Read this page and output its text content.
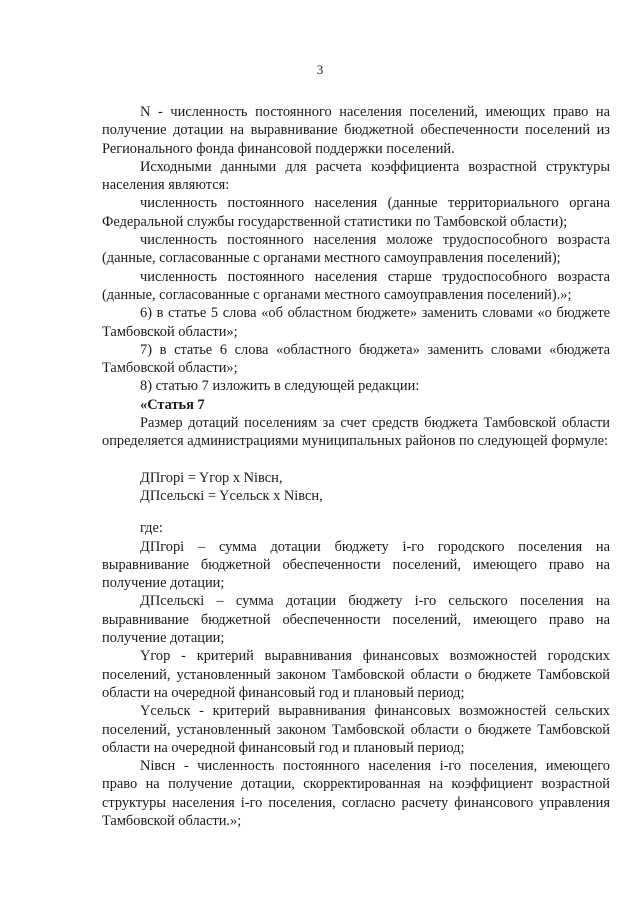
3

N - численность постоянного населения поселений, имеющих право на получение дотации на выравнивание бюджетной обеспеченности поселений из Регионального фонда финансовой поддержки поселений.

Исходными данными для расчета коэффициента возрастной структуры населения являются:

численность постоянного населения (данные территориального органа Федеральной службы государственной статистики по Тамбовской области);

численность постоянного населения моложе трудоспособного возраста (данные, согласованные с органами местного самоуправления поселений);

численность постоянного населения старше трудоспособного возраста (данные, согласованные с органами местного самоуправления поселений).»;

6) в статье 5 слова «об областном бюджете» заменить словами «о бюджете Тамбовской области»;

7) в статье 6 слова «областного бюджета» заменить словами «бюджета Тамбовской области»;

8) статью 7 изложить в следующей редакции:

«Статья 7

Размер дотаций поселениям за счет средств бюджета Тамбовской области определяется администрациями муниципальных районов по следующей формуле:

ДПгорi = Yгор х Niвсн,

ДПсельскi = Yсельск х Niвсн,

где:

ДПгорi – сумма дотации бюджету i-го городского поселения на выравнивание бюджетной обеспеченности поселений, имеющего право на получение дотации;

ДПсельскi – сумма дотации бюджету i-го сельского поселения на выравнивание бюджетной обеспеченности поселений, имеющего право на получение дотации;

Yгор - критерий выравнивания финансовых возможностей городских поселений, установленный законом Тамбовской области о бюджете Тамбовской области на очередной финансовый год и плановый период;

Yсельск - критерий выравнивания финансовых возможностей сельских поселений, установленный законом Тамбовской области о бюджете Тамбовской области на очередной финансовый год и плановый период;

Niвсн - численность постоянного населения i-го поселения, имеющего право на получение дотации, скорректированная на коэффициент возрастной структуры населения i-го поселения, согласно расчету финансового управления Тамбовской области.»;
